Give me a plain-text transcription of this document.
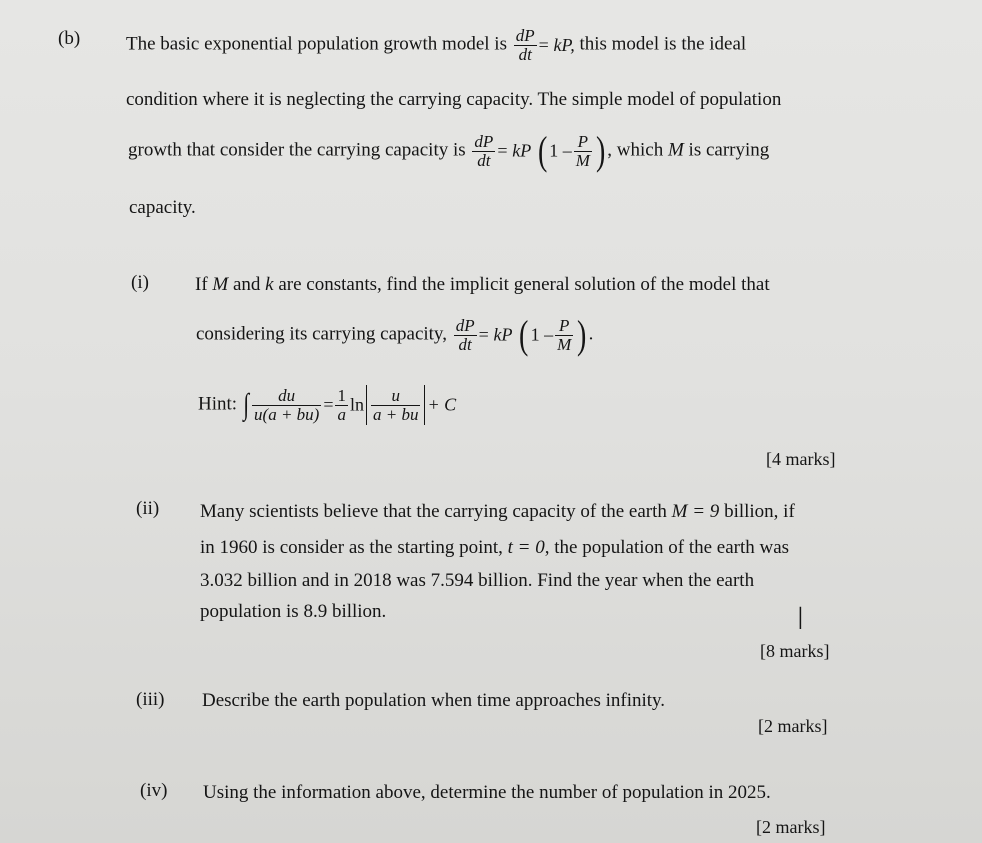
(b) The basic exponential population growth model is $\frac{dP}{dt}$ = kP, this model is the ideal
condition where it is neglecting the carrying capacity. The simple model of population
growth that consider the carrying capacity is $\frac{dP}{dt}$ = kP ( $1 - \frac{P}{M}$ ) , which M is carrying
capacity.
(i) If M and k are constants, find the implicit general solution of the model that
considering its carrying capacity, $\frac{dP}{dt}$ = kP ( $1 - \frac{P}{M}$ ) .
Hint: ∫ $\frac{du}{u(a + bu)} = \frac{1}{a}$ $\ln \frac{u}{a + bu} + C$
[4 marks]
(ii) Many scientists believe that the carrying capacity of the earth M = 9 billion, if
in 1960 is consider as the starting point, t = 0, the population of the earth was
3.032 billion and in 2018 was 7.594 billion. Find the year when the earth
population is 8.9 billion.	I
[8 marks]
(iii) Describe the earth population when time approaches infinity.
[2 marks]
(iv) Using the information above, determine the number of population in 2025.
[2 marks]
